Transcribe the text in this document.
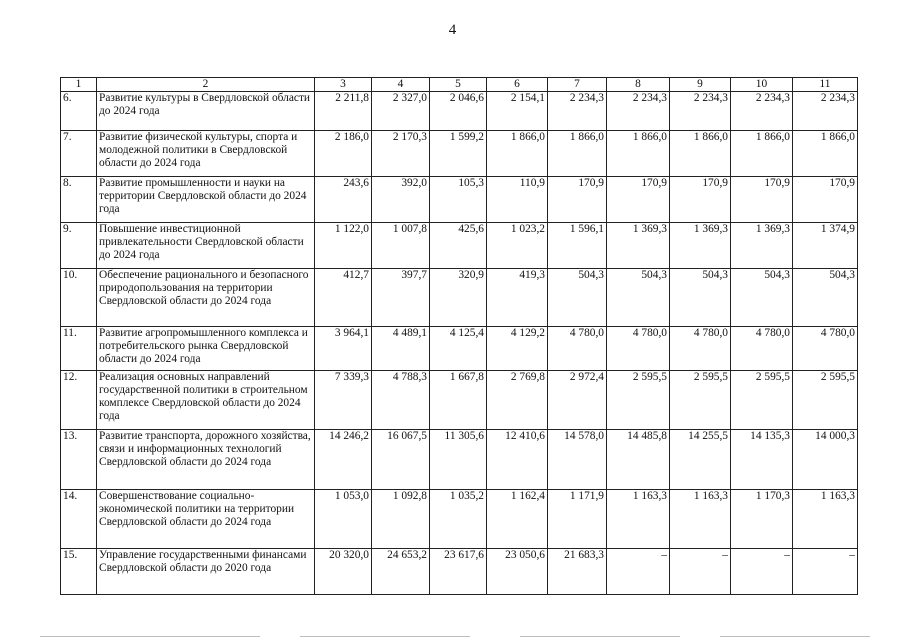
4
1	2	3	4	5	6	7	8	9	10	11
6.	Развитие культуры в Свердловской области до 2024 года	2 211,8	2 327,0	2 046,6	2 154,1	2 234,3	2 234,3	2 234,3	2 234,3	2 234,3
7.	Развитие физической культуры, спорта и молодежной политики в Свердловской области до 2024 года	2 186,0	2 170,3	1 599,2	1 866,0	1 866,0	1 866,0	1 866,0	1 866,0	1 866,0
8.	Развитие промышленности и науки на территории Свердловской области до 2024 года	243,6	392,0	105,3	110,9	170,9	170,9	170,9	170,9	170,9
9.	Повышение инвестиционной привлекательности Свердловской области до 2024 года	1 122,0	1 007,8	425,6	1 023,2	1 596,1	1 369,3	1 369,3	1 369,3	1 374,9
10.	Обеспечение рационального и безопасного природопользования на территории Свердловской области до 2024 года	412,7	397,7	320,9	419,3	504,3	504,3	504,3	504,3	504,3
11.	Развитие агропромышленного комплекса и потребительского рынка Свердловской области до 2024 года	3 964,1	4 489,1	4 125,4	4 129,2	4 780,0	4 780,0	4 780,0	4 780,0	4 780,0
12.	Реализация основных направлений государственной политики в строительном комплексе Свердловской области до 2024 года	7 339,3	4 788,3	1 667,8	2 769,8	2 972,4	2 595,5	2 595,5	2 595,5	2 595,5
13.	Развитие транспорта, дорожного хозяйства, связи и информационных технологий Свердловской области до 2024 года	14 246,2	16 067,5	11 305,6	12 410,6	14 578,0	14 485,8	14 255,5	14 135,3	14 000,3
14.	Совершенствование социально-экономической политики на территории Свердловской области до 2024 года	1 053,0	1 092,8	1 035,2	1 162,4	1 171,9	1 163,3	1 163,3	1 170,3	1 163,3
15.	Управление государственными финансами Свердловской области до 2020 года	20 320,0	24 653,2	23 617,6	23 050,6	21 683,3	–	–	–	–
